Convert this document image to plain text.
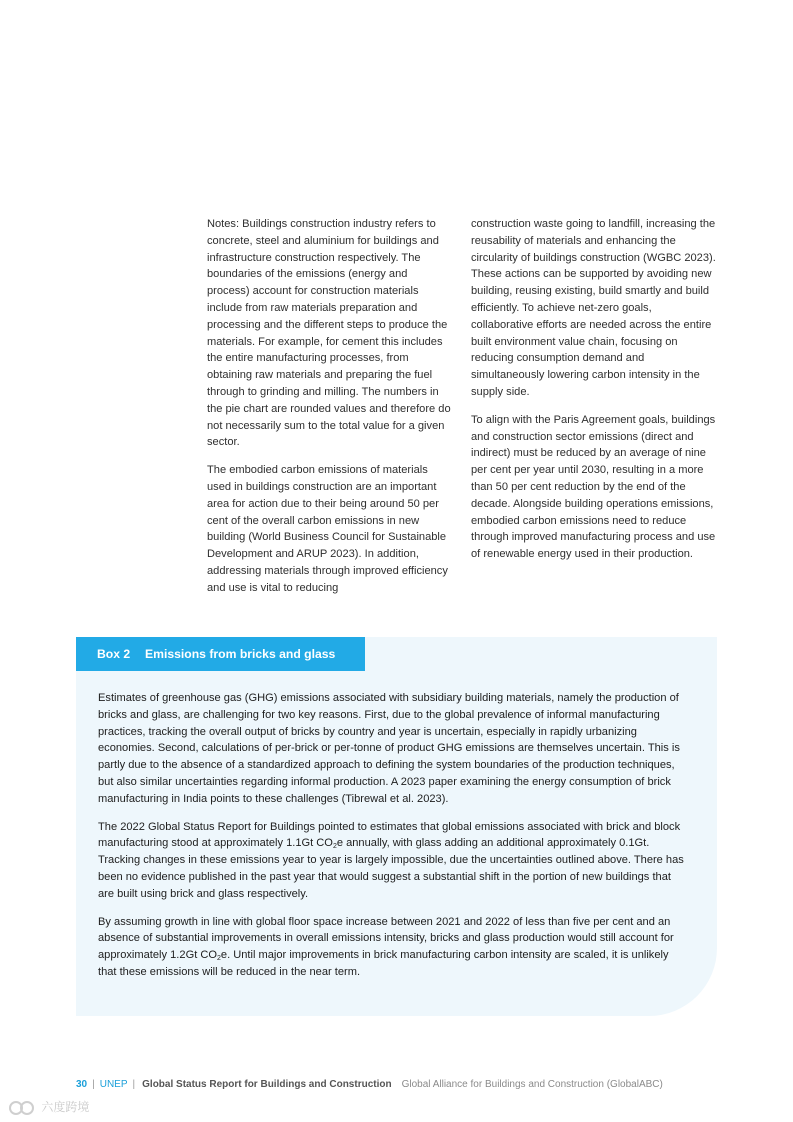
Notes: Buildings construction industry refers to concrete, steel and aluminium for buildings and infrastructure construction respectively. The boundaries of the emissions (energy and process) account for construction materials include from raw materials preparation and processing and the different steps to produce the materials. For example, for cement this includes the entire manufacturing processes, from obtaining raw materials and preparing the fuel through to grinding and milling. The numbers in the pie chart are rounded values and therefore do not necessarily sum to the total value for a given sector.

The embodied carbon emissions of materials used in buildings construction are an important area for action due to their being around 50 per cent of the overall carbon emissions in new building (World Business Council for Sustainable Development and ARUP 2023). In addition, addressing materials through improved efficiency and use is vital to reducing

construction waste going to landfill, increasing the reusability of materials and enhancing the circularity of buildings construction (WGBC 2023). These actions can be supported by avoiding new building, reusing existing, build smartly and build efficiently. To achieve net-zero goals, collaborative efforts are needed across the entire built environment value chain, focusing on reducing consumption demand and simultaneously lowering carbon intensity in the supply side.

To align with the Paris Agreement goals, buildings and construction sector emissions (direct and indirect) must be reduced by an average of nine per cent per year until 2030, resulting in a more than 50 per cent reduction by the end of the decade. Alongside building operations emissions, embodied carbon emissions need to reduce through improved manufacturing process and use of renewable energy used in their production.

Box 2 Emissions from bricks and glass

Estimates of greenhouse gas (GHG) emissions associated with subsidiary building materials, namely the production of bricks and glass, are challenging for two key reasons. First, due to the global prevalence of informal manufacturing practices, tracking the overall output of bricks by country and year is uncertain, especially in rapidly urbanizing economies. Second, calculations of per-brick or per-tonne of product GHG emissions are themselves uncertain. This is partly due to the absence of a standardized approach to defining the system boundaries of the production techniques, but also similar uncertainties regarding informal production. A 2023 paper examining the energy consumption of brick manufacturing in India points to these challenges (Tibrewal et al. 2023).

The 2022 Global Status Report for Buildings pointed to estimates that global emissions associated with brick and block manufacturing stood at approximately 1.1Gt $CO_2e$ annually, with glass adding an additional approximately 0.1Gt. Tracking changes in these emissions year to year is largely impossible, due the uncertainties outlined above. There has been no evidence published in the past year that would suggest a substantial shift in the portion of new buildings that are built using brick and glass respectively.

By assuming growth in line with global floor space increase between 2021 and 2022 of less than five per cent and an absence of substantial improvements in overall emissions intensity, bricks and glass production would still account for approximately 1.2Gt $CO_2e$. Until major improvements in brick manufacturing carbon intensity are scaled, it is unlikely that these emissions will be reduced in the near term.

30 | UNEP | Global Status Report for Buildings and Construction Global Alliance for Buildings and Construction (GlobalABC)
六度跨境
